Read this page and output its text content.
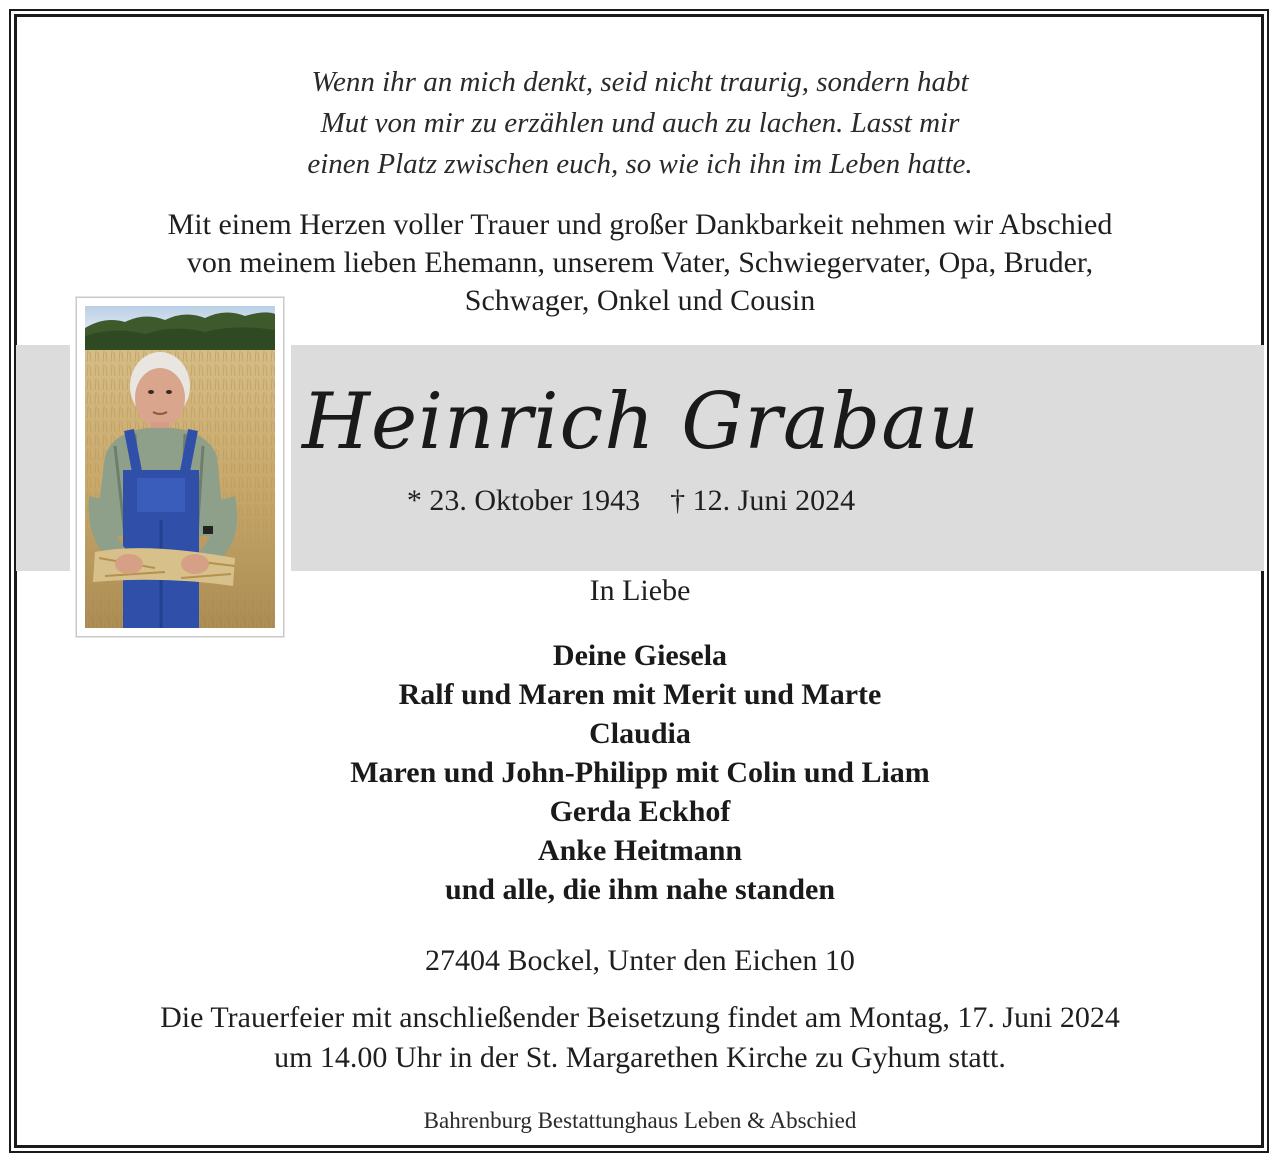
Wenn ihr an mich denkt, seid nicht traurig, sondern habt
Mut von mir zu erzählen und auch zu lachen. Lasst mir
einen Platz zwischen euch, so wie ich ihn im Leben hatte.
Mit einem Herzen voller Trauer und großer Dankbarkeit nehmen wir Abschied
von meinem lieben Ehemann, unserem Vater, Schwiegervater, Opa, Bruder,
Schwager, Onkel und Cousin
Heinrich Grabau
* 23. Oktober 1943 † 12. Juni 2024
In Liebe
Deine Giesela
Ralf und Maren mit Merit und Marte
Claudia
Maren und John-Philipp mit Colin und Liam
Gerda Eckhof
Anke Heitmann
und alle, die ihm nahe standen
27404 Bockel, Unter den Eichen 10
Die Trauerfeier mit anschließender Beisetzung findet am Montag, 17. Juni 2024
um 14.00 Uhr in der St. Margarethen Kirche zu Gyhum statt.
Bahrenburg Bestattunghaus Leben & Abschied
